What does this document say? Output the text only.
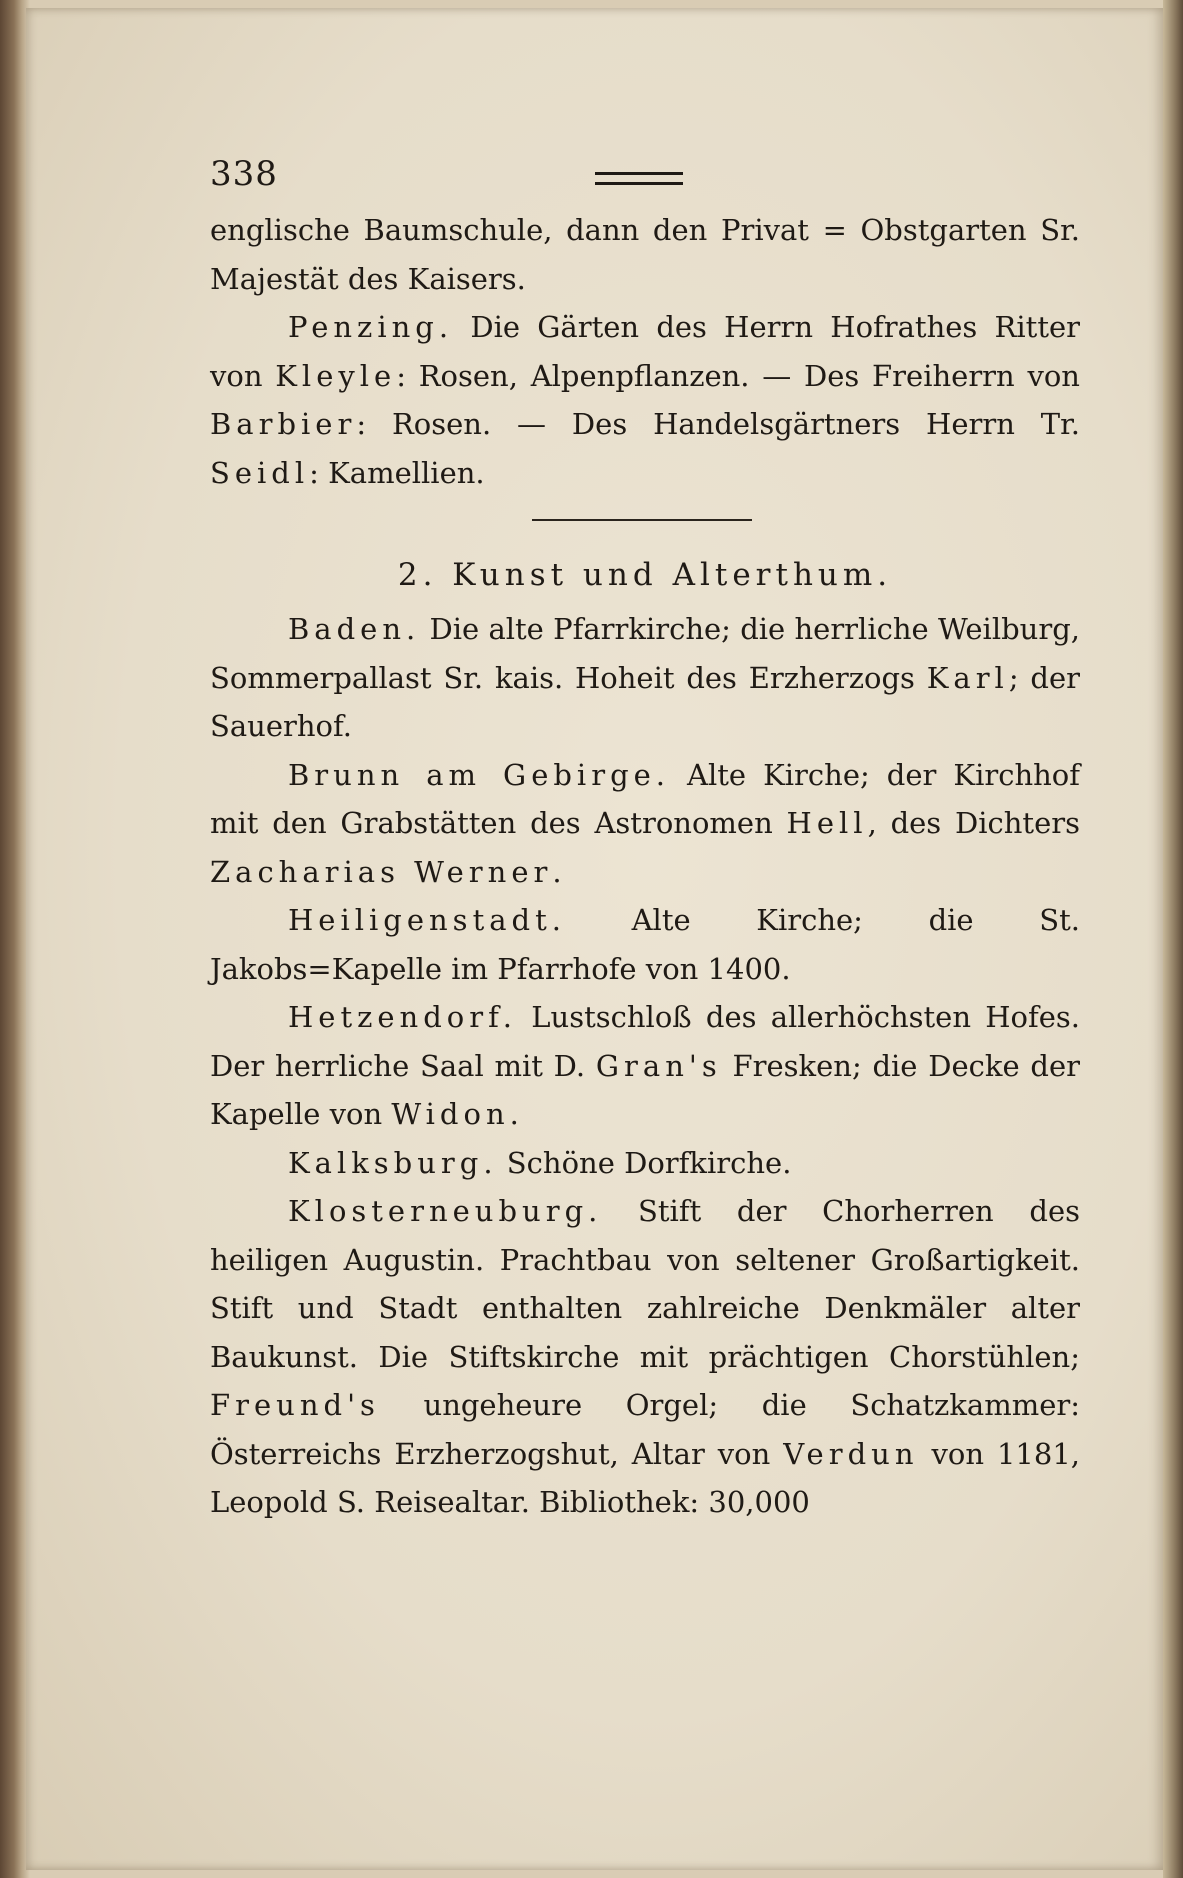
338

englische Baumschule, dann den Privat = Obstgarten Sr. Majestät des Kaisers.

Penzing. Die Gärten des Herrn Hofrathes Ritter von Kleyle: Rosen, Alpenpflanzen. — Des Freiherrn von Barbier: Rosen. — Des Handelsgärtners Herrn Tr. Seidl: Kamellien.

2. Kunst und Alterthum.

Baden. Die alte Pfarrkirche; die herrliche Weilburg, Sommerpallast Sr. kais. Hoheit des Erzherzogs Karl; der Sauerhof.

Brunn am Gebirge. Alte Kirche; der Kirchhof mit den Grabstätten des Astronomen Hell, des Dichters Zacharias Werner.

Heiligenstadt. Alte Kirche; die St. Jakobs=Kapelle im Pfarrhofe von 1400.

Hetzendorf. Lustschloß des allerhöchsten Hofes. Der herrliche Saal mit D. Gran's Fresken; die Decke der Kapelle von Widon.

Kalksburg. Schöne Dorfkirche.

Klosterneuburg. Stift der Chorherren des heiligen Augustin. Prachtbau von seltener Großartigkeit. Stift und Stadt enthalten zahlreiche Denkmäler alter Baukunst. Die Stiftskirche mit prächtigen Chorstühlen; Freund's ungeheure Orgel; die Schatzkammer: Österreichs Erzherzogshut, Altar von Verdun von 1181, Leopold S. Reisealtar. Bibliothek: 30,000
